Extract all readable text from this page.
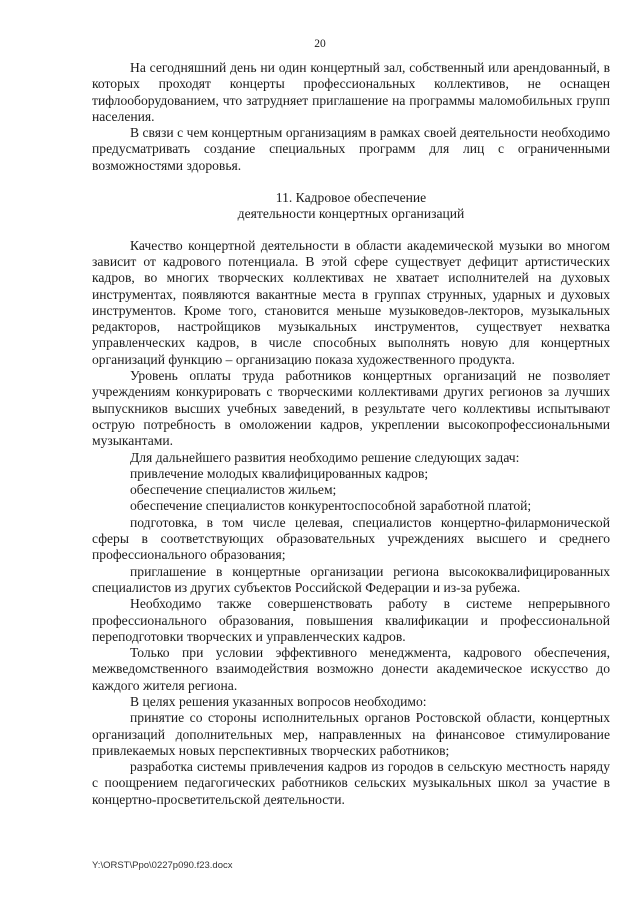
20

На сегодняшний день ни один концертный зал, собственный или арендованный, в которых проходят концерты профессиональных коллективов, не оснащен тифлооборудованием, что затрудняет приглашение на программы маломобильных групп населения.

В связи с чем концертным организациям в рамках своей деятельности необходимо предусматривать создание специальных программ для лиц с ограниченными возможностями здоровья.

11. Кадровое обеспечение
деятельности концертных организаций

Качество концертной деятельности в области академической музыки во многом зависит от кадрового потенциала. В этой сфере существует дефицит артистических кадров, во многих творческих коллективах не хватает исполнителей на духовых инструментах, появляются вакантные места в группах струнных, ударных и духовых инструментов. Кроме того, становится меньше музыковедов-лекторов, музыкальных редакторов, настройщиков музыкальных инструментов, существует нехватка управленческих кадров, в числе способных выполнять новую для концертных организаций функцию – организацию показа художественного продукта.

Уровень оплаты труда работников концертных организаций не позволяет учреждениям конкурировать с творческими коллективами других регионов за лучших выпускников высших учебных заведений, в результате чего коллективы испытывают острую потребность в омоложении кадров, укреплении высокопрофессиональными музыкантами.

Для дальнейшего развития необходимо решение следующих задач:

привлечение молодых квалифицированных кадров;

обеспечение специалистов жильем;

обеспечение специалистов конкурентоспособной заработной платой;

подготовка, в том числе целевая, специалистов концертно-филармонической сферы в соответствующих образовательных учреждениях высшего и среднего профессионального образования;

приглашение в концертные организации региона высококвалифицированных специалистов из других субъектов Российской Федерации и из-за рубежа.

Необходимо также совершенствовать работу в системе непрерывного профессионального образования, повышения квалификации и профессиональной переподготовки творческих и управленческих кадров.

Только при условии эффективного менеджмента, кадрового обеспечения, межведомственного взаимодействия возможно донести академическое искусство до каждого жителя региона.

В целях решения указанных вопросов необходимо:

принятие со стороны исполнительных органов Ростовской области, концертных организаций дополнительных мер, направленных на финансовое стимулирование привлекаемых новых перспективных творческих работников;

разработка системы привлечения кадров из городов в сельскую местность наряду с поощрением педагогических работников сельских музыкальных школ за участие в концертно-просветительской деятельности.

Y:\ORST\Ppo\0227p090.f23.docx
